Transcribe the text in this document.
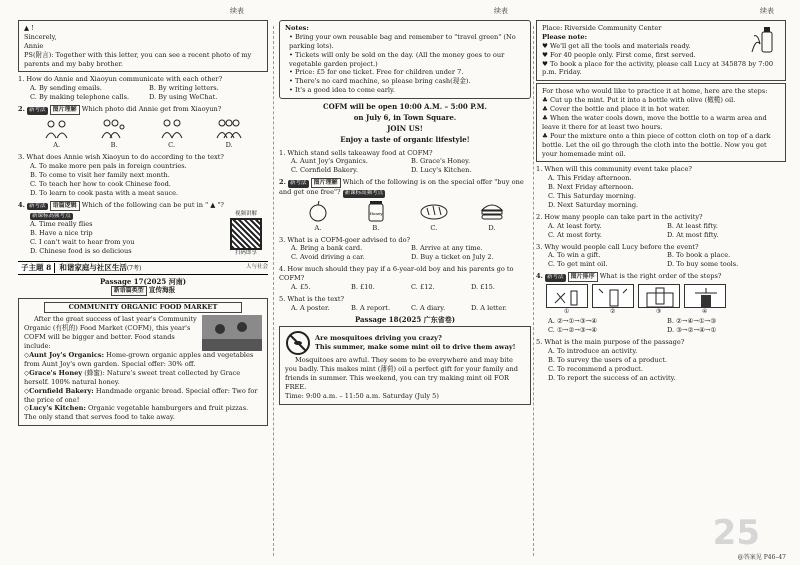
续表	续表	续表
▲ !
Sincerely,
Annie
PS(附言): Together with this letter, you can see a recent photo of my parents and my baby brother.
1. How do Annie and Xiaoyun communicate with each other?
A. By sending emails.	B. By writing letters.
C. By making telephone calls.	D. By using WeChat.
2. 新考法 图片理解 Which photo did Annie get from Xiaoyun?
A.	B.	C.	D.
3. What does Annie wish Xiaoyun to do according to the text?
A. To make more pen pals in foreign countries.
B. To come to visit her family next month.
C. To teach her how to cook Chinese food.
D. To learn to cook pasta with a meat sauce.
4. 新考法 语篇逻辑 Which of the following can be put in " ▲ "?
新课标高频考点
A. Time really flies
B. Have a nice trip
C. I can't wait to hear from you
D. Chinese food is so delicious
视频讲解
扫码即享
子主题 8	和谐家庭与社区生活(7考)	人与社会
Passage 17(2025 河南)
新语篇类型 宣传海报
COMMUNITY ORGANIC FOOD MARKET
After the great success of last year's Community Organic (有机的) Food Market (COFM), this year's COFM will be bigger and better. Food stands include:
◇Aunt Joy's Organics: Home-grown organic apples and vegetables from Aunt Joy's own garden. Special offer: 30% off.
◇Grace's Honey (蜂蜜): Nature's sweet treat collected by Grace herself. 100% natural honey.
◇Cornfield Bakery: Handmade organic bread. Special offer: Two for the price of one!
◇Lucy's Kitchen: Organic vegetable hamburgers and fruit pizzas. The only stand that serves food to take away.
Notes:
• Bring your own reusable bag and remember to "travel green" (No parking lots).
• Tickets will only be sold on the day. (All the money goes to our vegetable garden project.)
• Price: £5 for one ticket. Free for children under 7.
• There's no card machine, so please bring cash(现金).
• It's a good idea to come early.
COFM will be open 10:00 A.M. – 5:00 P.M.
on July 6, in Town Square.
JOIN US!
Enjoy a taste of organic lifestyle!
1. Which stand sells takeaway food at COFM?
A. Aunt Joy's Organics.	B. Grace's Honey.
C. Cornfield Bakery.	D. Lucy's Kitchen.
2. 新考法 图片理解 Which of the following is on the special offer "buy one and get one free"? 新课标高频考点
Honey
A.	B.	C.	D.
3. What is a COFM-goer advised to do?
A. Bring a bank card.	B. Arrive at any time.
C. Avoid driving a car.	D. Buy a ticket on July 2.
4. How much should they pay if a 6-year-old boy and his parents go to COFM?
A. £5.	B. £10.	C. £12.	D. £15.
5. What is the text?
A. A poster.	B. A report.	C. A diary.	D. A letter.
Passage 18(2025 广东省卷)
Are mosquitoes driving you crazy?
This summer, make some mint oil to drive them away!
Mosquitoes are awful. They seem to be everywhere and may bite you badly. This makes mint (薄荷) oil a perfect gift for your family and friends in summer. This weekend, you can try making mint oil FOR FREE.
Time: 9:00 a.m. – 11:50 a.m. Saturday (July 5)
Place: Riverside Community Center
Please note:
♥ We'll get all the tools and materials ready.
♥ For 40 people only. First come, first served.
♥ To book a place for the activity, please call Lucy at 345878 by 7:00 p.m. Friday.
For those who would like to practice it at home, here are the steps:
♣ Cut up the mint. Put it into a bottle with olive (橄榄) oil.
♣ Cover the bottle and place it in hot water.
♣ When the water cools down, move the bottle to a warm area and leave it there for at least two hours.
♣ Pour the mixture onto a thin piece of cotton cloth on top of a dark bottle. Let the oil go through the cloth into the bottle. Now you get your homemade mint oil.
1. When will this community event take place?
A. This Friday afternoon.
B. Next Friday afternoon.
C. This Saturday morning.
D. Next Saturday morning.
2. How many people can take part in the activity?
A. At least forty.	B. At least fifty.
C. At most forty.	D. At most fifty.
3. Why would people call Lucy before the event?
A. To win a gift.	B. To book a place.
C. To get mint oil.	D. To buy some tools.
4. 新考法 图片排序 What is the right order of the steps?
①	②	③	④
A. ②→①→③→④	B. ②→④→①→③
C. ①→②→③→④	D. ③→②→④→①
5. What is the main purpose of the passage?
A. To introduce an activity.
B. To survey the users of a product.
C. To recommend a product.
D. To report the success of an activity.
25
@答案见 P46–47
